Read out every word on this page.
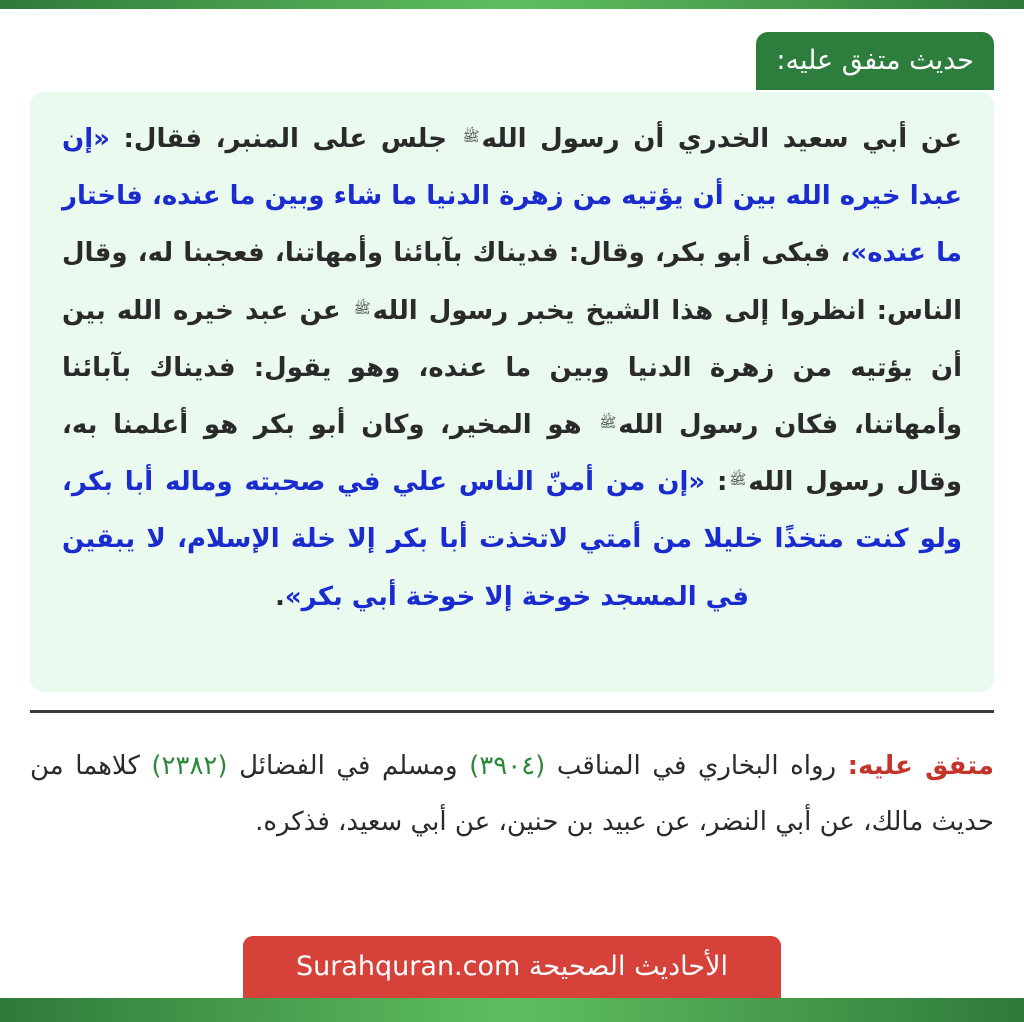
حديث متفق عليه:
عن أبي سعيد الخدري أن رسول اللهﷺ جلس على المنبر، فقال: «إن عبدا خيره الله بين أن يؤتيه من زهرة الدنيا ما شاء وبين ما عنده، فاختار ما عنده»، فبكى أبو بكر، وقال: فديناك بآبائنا وأمهاتنا، فعجبنا له، وقال الناس: انظروا إلى هذا الشيخ يخبر رسول اللهﷺ عن عبد خيره الله بين أن يؤتيه من زهرة الدنيا وبين ما عنده، وهو يقول: فديناك بآبائنا وأمهاتنا، فكان رسول اللهﷺ هو المخير، وكان أبو بكر هو أعلمنا به، وقال رسول اللهﷺ: «إن من أمنّ الناس علي في صحبته وماله أبا بكر، ولو كنت متخذًا خليلا من أمتي لاتخذت أبا بكر إلا خلة الإسلام، لا يبقين في المسجد خوخة إلا خوخة أبي بكر».
متفق عليه: رواه البخاري في المناقب (٣٩٠٤) ومسلم في الفضائل (٢٣٨٢) كلاهما من حديث مالك، عن أبي النضر، عن عبيد بن حنين، عن أبي سعيد، فذكره.
الأحاديث الصحيحة Surahquran.com
